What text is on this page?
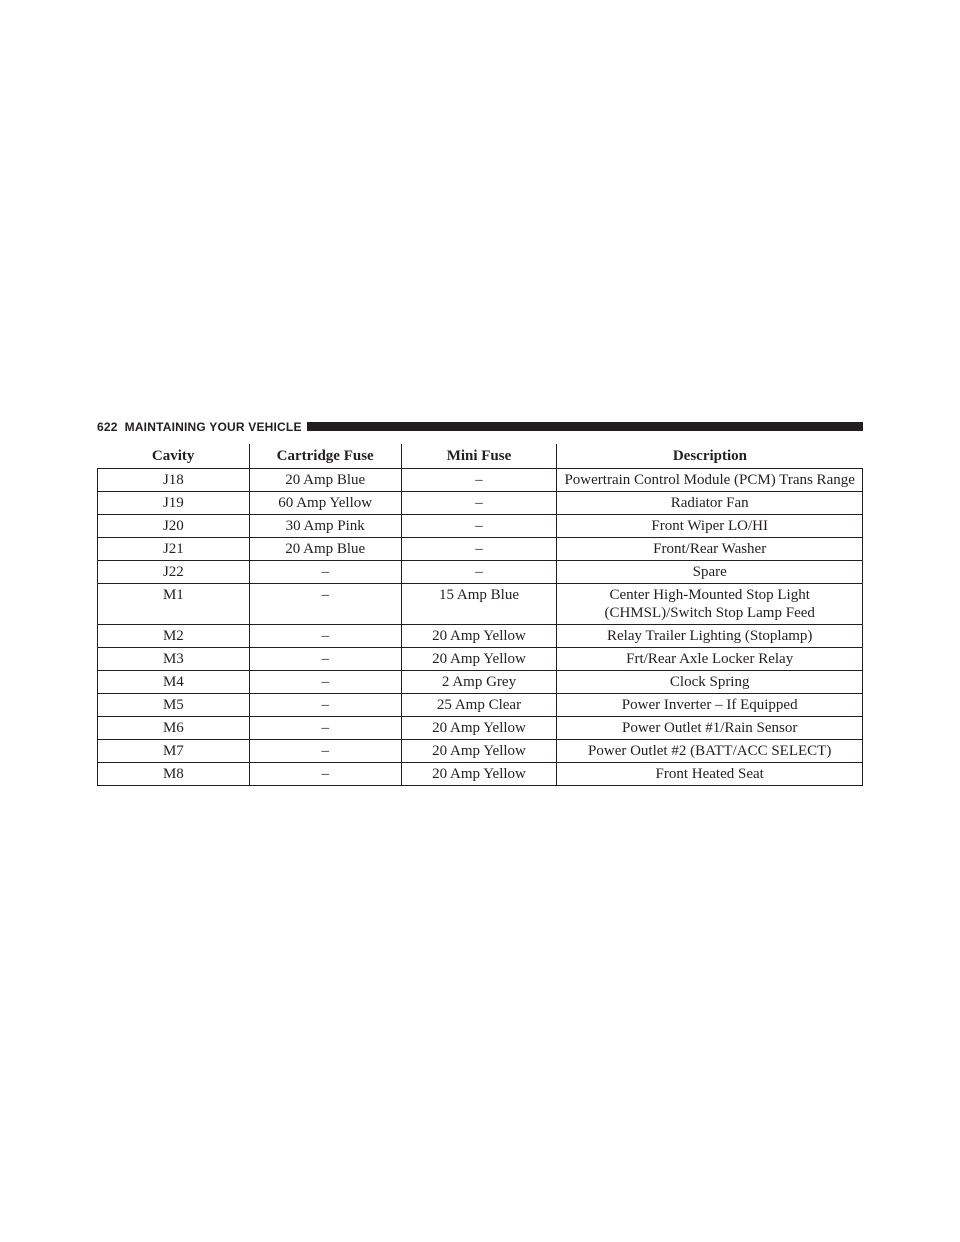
622 MAINTAINING YOUR VEHICLE
Cavity	Cartridge Fuse	Mini Fuse	Description
J18	20 Amp Blue	–	Powertrain Control Module (PCM) Trans Range
J19	60 Amp Yellow	–	Radiator Fan
J20	30 Amp Pink	–	Front Wiper LO/HI
J21	20 Amp Blue	–	Front/Rear Washer
J22	–	–	Spare
M1	–	15 Amp Blue	Center High-Mounted Stop Light (CHMSL)/Switch Stop Lamp Feed
M2	–	20 Amp Yellow	Relay Trailer Lighting (Stoplamp)
M3	–	20 Amp Yellow	Frt/Rear Axle Locker Relay
M4	–	2 Amp Grey	Clock Spring
M5	–	25 Amp Clear	Power Inverter – If Equipped
M6	–	20 Amp Yellow	Power Outlet #1/Rain Sensor
M7	–	20 Amp Yellow	Power Outlet #2 (BATT/ACC SELECT)
M8	–	20 Amp Yellow	Front Heated Seat
